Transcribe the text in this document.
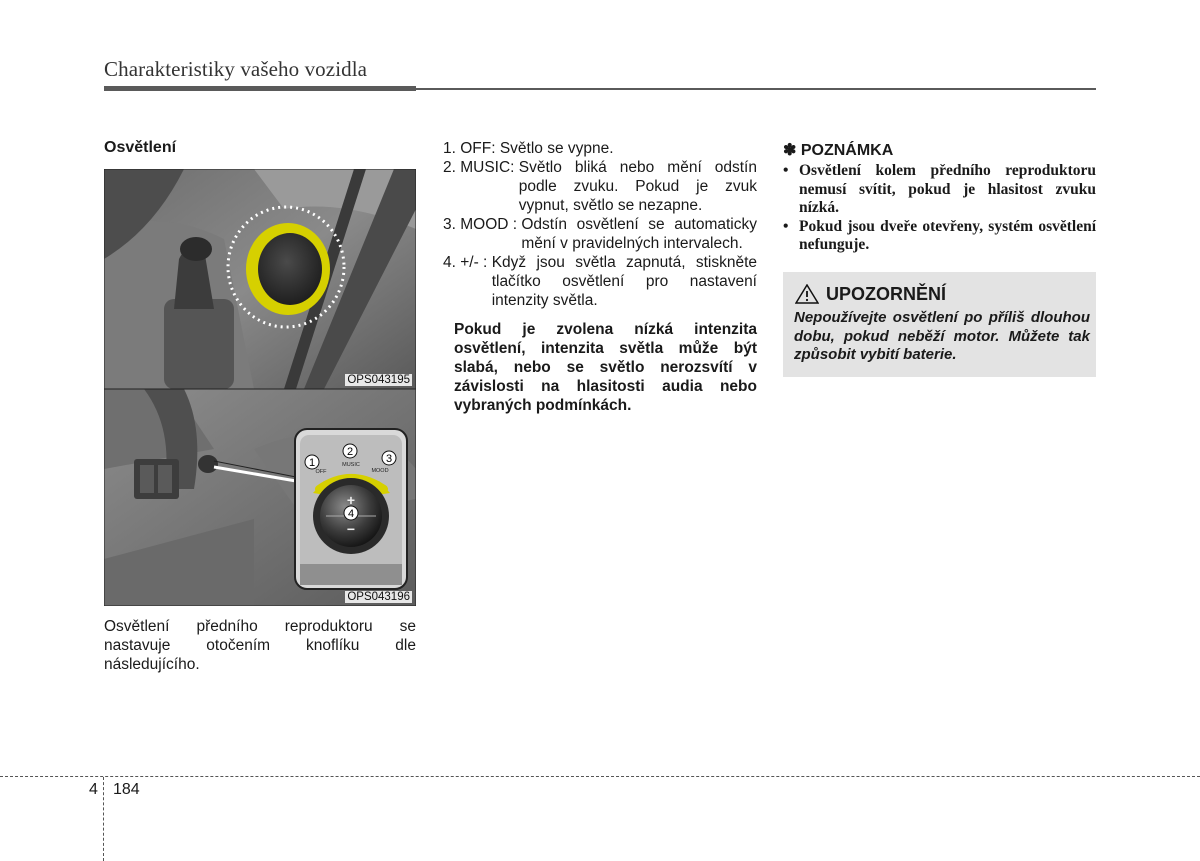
Charakteristiky vašeho vozidla

Osvětlení

OPS043195
1
2
3
4
OFF
MUSIC
MOOD
+
−
OPS043196

Osvětlení předního reproduktoru se nastavuje otočením knoflíku dle následujícího.

1. OFF: Světlo se vypne.

2. MUSIC: Světlo bliká nebo mění odstín podle zvuku. Pokud je zvuk vypnut, světlo se nezapne.

3. MOOD : Odstín osvětlení se automaticky mění v pravidelných intervalech.

4. +/- : Když jsou světla zapnutá, stiskněte tlačítko osvětlení pro nastavení intenzity světla.

Pokud je zvolena nízká intenzita osvětlení, intenzita světla může být slabá, nebo se světlo nerozsvítí v závislosti na hlasitosti audia nebo vybraných podmínkách.

✽ POZNÁMKA

• Osvětlení kolem předního reproduktoru nemusí svítit, pokud je hlasitost zvuku nízká.

• Pokud jsou dveře otevřeny, systém osvětlení nefunguje.

UPOZORNĚNÍ
Nepoužívejte osvětlení po příliš dlouhou dobu, pokud neběží motor. Můžete tak způsobit vybití baterie.
4 184
